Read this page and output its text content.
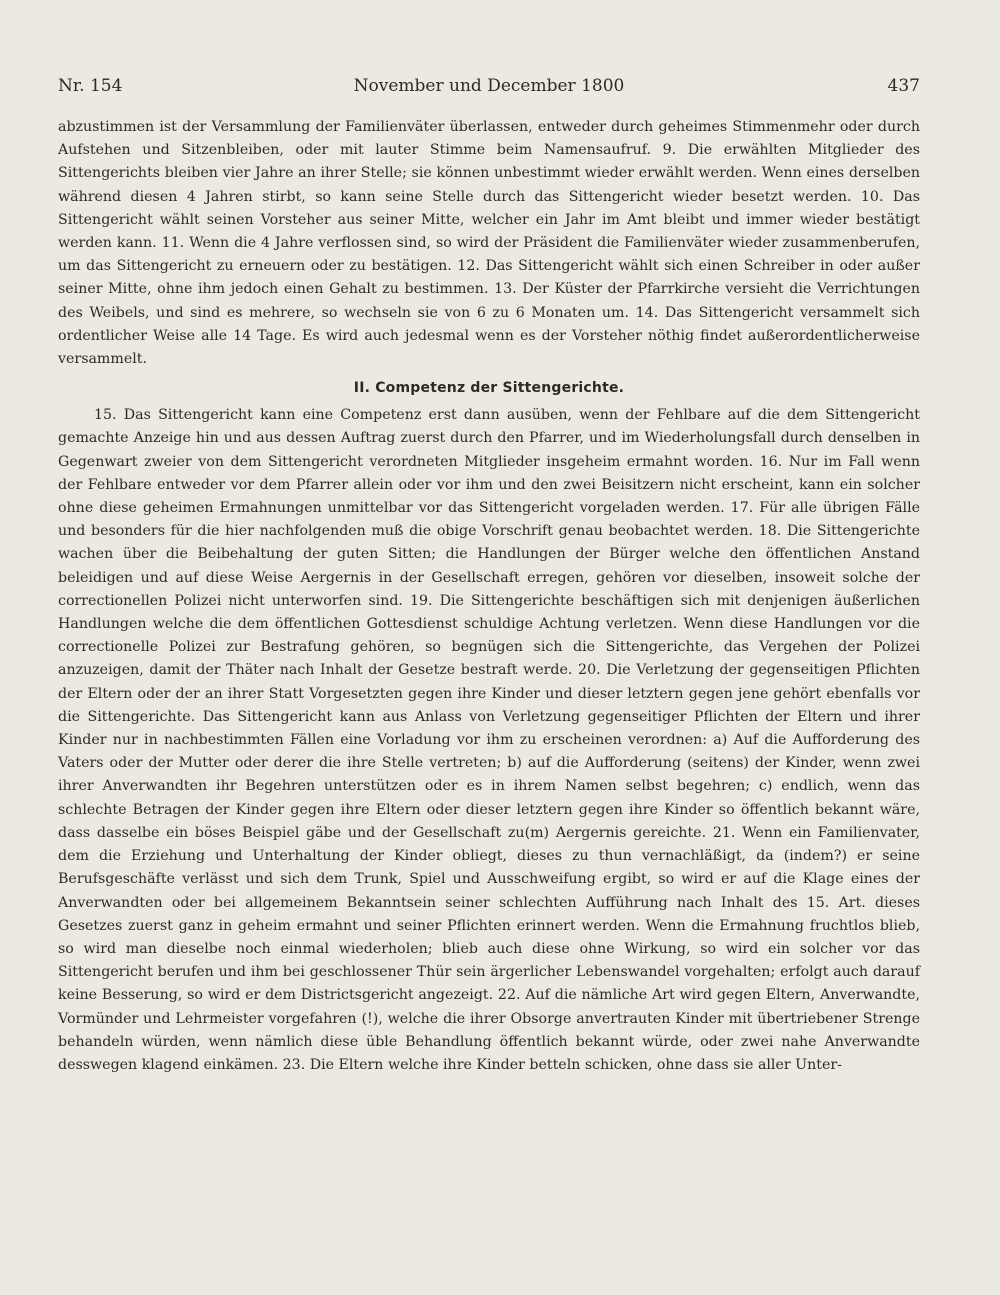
Nr. 154	November und December 1800	437

abzustimmen ist der Versammlung der Familienväter überlassen, entweder durch geheimes Stimmenmehr oder durch Aufstehen und Sitzenbleiben, oder mit lauter Stimme beim Namensaufruf. 9. Die erwählten Mitglieder des Sittengerichts bleiben vier Jahre an ihrer Stelle; sie können unbestimmt wieder erwählt werden. Wenn eines derselben während diesen 4 Jahren stirbt, so kann seine Stelle durch das Sittengericht wieder besetzt werden. 10. Das Sittengericht wählt seinen Vorsteher aus seiner Mitte, welcher ein Jahr im Amt bleibt und immer wieder bestätigt werden kann. 11. Wenn die 4 Jahre verflossen sind, so wird der Präsident die Familienväter wieder zusammenberufen, um das Sittengericht zu erneuern oder zu bestätigen. 12. Das Sittengericht wählt sich einen Schreiber in oder außer seiner Mitte, ohne ihm jedoch einen Gehalt zu bestimmen. 13. Der Küster der Pfarrkirche versieht die Verrichtungen des Weibels, und sind es mehrere, so wechseln sie von 6 zu 6 Monaten um. 14. Das Sittengericht versammelt sich ordentlicher Weise alle 14 Tage. Es wird auch jedesmal wenn es der Vorsteher nöthig findet außerordentlicherweise versammelt.

II. Competenz der Sittengerichte.

15. Das Sittengericht kann eine Competenz erst dann ausüben, wenn der Fehlbare auf die dem Sittengericht gemachte Anzeige hin und aus dessen Auftrag zuerst durch den Pfarrer, und im Wiederholungsfall durch denselben in Gegenwart zweier von dem Sittengericht verordneten Mitglieder insgeheim ermahnt worden. 16. Nur im Fall wenn der Fehlbare entweder vor dem Pfarrer allein oder vor ihm und den zwei Beisitzern nicht erscheint, kann ein solcher ohne diese geheimen Ermahnungen unmittelbar vor das Sittengericht vorgeladen werden. 17. Für alle übrigen Fälle und besonders für die hier nachfolgenden muß die obige Vorschrift genau beobachtet werden. 18. Die Sittengerichte wachen über die Beibehaltung der guten Sitten; die Handlungen der Bürger welche den öffentlichen Anstand beleidigen und auf diese Weise Aergernis in der Gesellschaft erregen, gehören vor dieselben, insoweit solche der correctionellen Polizei nicht unterworfen sind. 19. Die Sittengerichte beschäftigen sich mit denjenigen äußerlichen Handlungen welche die dem öffentlichen Gottesdienst schuldige Achtung verletzen. Wenn diese Handlungen vor die correctionelle Polizei zur Bestrafung gehören, so begnügen sich die Sittengerichte, das Vergehen der Polizei anzuzeigen, damit der Thäter nach Inhalt der Gesetze bestraft werde. 20. Die Verletzung der gegenseitigen Pflichten der Eltern oder der an ihrer Statt Vorgesetzten gegen ihre Kinder und dieser letztern gegen jene gehört ebenfalls vor die Sittengerichte. Das Sittengericht kann aus Anlass von Verletzung gegenseitiger Pflichten der Eltern und ihrer Kinder nur in nachbestimmten Fällen eine Vorladung vor ihm zu erscheinen verordnen: a) Auf die Aufforderung des Vaters oder der Mutter oder derer die ihre Stelle vertreten; b) auf die Aufforderung (seitens) der Kinder, wenn zwei ihrer Anverwandten ihr Begehren unterstützen oder es in ihrem Namen selbst begehren; c) endlich, wenn das schlechte Betragen der Kinder gegen ihre Eltern oder dieser letztern gegen ihre Kinder so öffentlich bekannt wäre, dass dasselbe ein böses Beispiel gäbe und der Gesellschaft zu(m) Aergernis gereichte. 21. Wenn ein Familienvater, dem die Erziehung und Unterhaltung der Kinder obliegt, dieses zu thun vernachläßigt, da (indem?) er seine Berufsgeschäfte verlässt und sich dem Trunk, Spiel und Ausschweifung ergibt, so wird er auf die Klage eines der Anverwandten oder bei allgemeinem Bekanntsein seiner schlechten Aufführung nach Inhalt des 15. Art. dieses Gesetzes zuerst ganz in geheim ermahnt und seiner Pflichten erinnert werden. Wenn die Ermahnung fruchtlos blieb, so wird man dieselbe noch einmal wiederholen; blieb auch diese ohne Wirkung, so wird ein solcher vor das Sittengericht berufen und ihm bei geschlossener Thür sein ärgerlicher Lebenswandel vorgehalten; erfolgt auch darauf keine Besserung, so wird er dem Districtsgericht angezeigt. 22. Auf die nämliche Art wird gegen Eltern, Anverwandte, Vormünder und Lehrmeister vorgefahren (!), welche die ihrer Obsorge anvertrauten Kinder mit übertriebener Strenge behandeln würden, wenn nämlich diese üble Behandlung öffentlich bekannt würde, oder zwei nahe Anverwandte desswegen klagend einkämen. 23. Die Eltern welche ihre Kinder betteln schicken, ohne dass sie aller Unter-
